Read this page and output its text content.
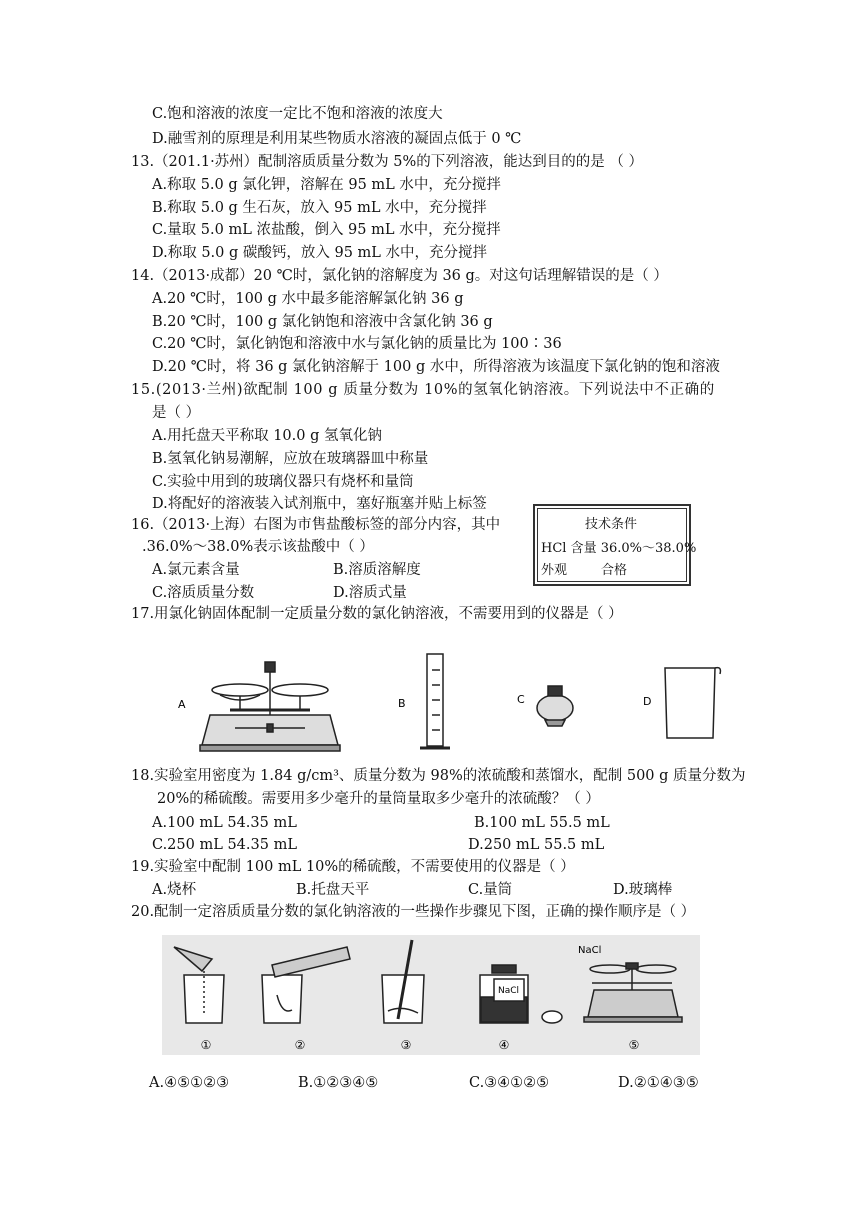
C.饱和溶液的浓度一定比不饱和溶液的浓度大
D.融雪剂的原理是利用某些物质水溶液的凝固点低于 0 ℃
13.（201.1·苏州）配制溶质质量分数为 5%的下列溶液，能达到目的的是 （ ）
A.称取 5.0 g 氯化钾，溶解在 95 mL 水中，充分搅拌
B.称取 5.0 g 生石灰，放入 95 mL 水中，充分搅拌
C.量取 5.0 mL 浓盐酸，倒入 95 mL 水中，充分搅拌
D.称取 5.0 g 碳酸钙，放入 95 mL 水中，充分搅拌
14.（2013·成都）20 ℃时，氯化钠的溶解度为 36 g。对这句话理解错误的是（ ）
A.20 ℃时，100 g 水中最多能溶解氯化钠 36 g
B.20 ℃时，100 g 氯化钠饱和溶液中含氯化钠 36 g
C.20 ℃时，氯化钠饱和溶液中水与氯化钠的质量比为 100∶36
D.20 ℃时，将 36 g 氯化钠溶解于 100 g 水中，所得溶液为该温度下氯化钠的饱和溶液
15.(2013·兰州)欲配制 100 g 质量分数为 10%的氢氧化钠溶液。下列说法中不正确的
是（ ）
A.用托盘天平称取 10.0 g 氢氧化钠
B.氢氧化钠易潮解，应放在玻璃器皿中称量
C.实验中用到的玻璃仪器只有烧杯和量筒
D.将配好的溶液装入试剂瓶中，塞好瓶塞并贴上标签
16.（2013·上海）右图为市售盐酸标签的部分内容，其中
.36.0%～38.0%表示该盐酸中（ ）
A.氯元素含量	B.溶质溶解度
C.溶质质量分数	D.溶质式量
技术条件
HCl 含量 36.0%～38.0%
外观	合格
17.用氯化钠固体配制一定质量分数的氯化钠溶液，不需要用到的仪器是（ ）
A	B	C	D
18.实验室用密度为 1.84 g/cm³、质量分数为 98%的浓硫酸和蒸馏水，配制 500 g 质量分数为
20%的稀硫酸。需要用多少毫升的量筒量取多少毫升的浓硫酸？（ ）
A.100 mL 54.35 mL	B.100 mL 55.5 mL
C.250 mL 54.35 mL	D.250 mL 55.5 mL
19.实验室中配制 100 mL 10%的稀硫酸，不需要使用的仪器是（ ）
A.烧杯	B.托盘天平	C.量筒	D.玻璃棒
20.配制一定溶质质量分数的氯化钠溶液的一些操作步骤见下图，正确的操作顺序是（ ）
①	②	③
NaCl
④
NaCl
⑤
A.④⑤①②③	B.①②③④⑤	C.③④①②⑤	D.②①④③⑤
